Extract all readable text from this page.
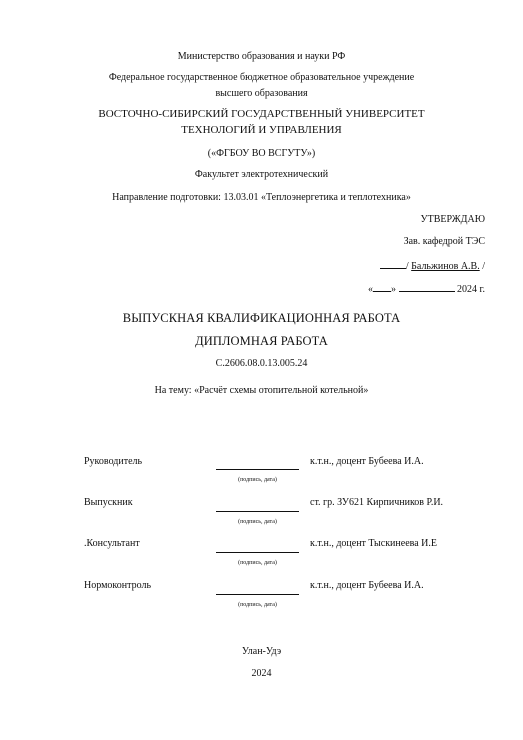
Министерство образования и науки РФ
Федеральное государственное бюджетное образовательное учреждение
высшего образования
ВОСТОЧНО-СИБИРСКИЙ ГОСУДАРСТВЕННЫЙ УНИВЕРСИТЕТ
ТЕХНОЛОГИЙ И УПРАВЛЕНИЯ
(«ФГБОУ ВО ВСГУТУ»)
Факультет электротехнический
Направление подготовки: 13.03.01 «Теплоэнергетика и теплотехника»
УТВЕРЖДАЮ
Зав. кафедрой ТЭС
/ Бальжинов А.В. /
« »	2024 г.
ВЫПУСКНАЯ КВАЛИФИКАЦИОННАЯ РАБОТА
ДИПЛОМНАЯ РАБОТА
С.2606.08.0.13.005.24
На тему: «Расчёт схемы отопительной котельной»
Руководитель
(подпись, дата)
к.т.н., доцент Бубеева И.А.
Выпускник
(подпись, дата)
ст. гр. ЗУ621 Кирпичников Р.И.
.Консультант
(подпись, дата)
к.т.н., доцент Тыскинеева И.Е
Нормоконтроль
(подпись, дата)
к.т.н., доцент Бубеева И.А.
Улан-Удэ
2024
